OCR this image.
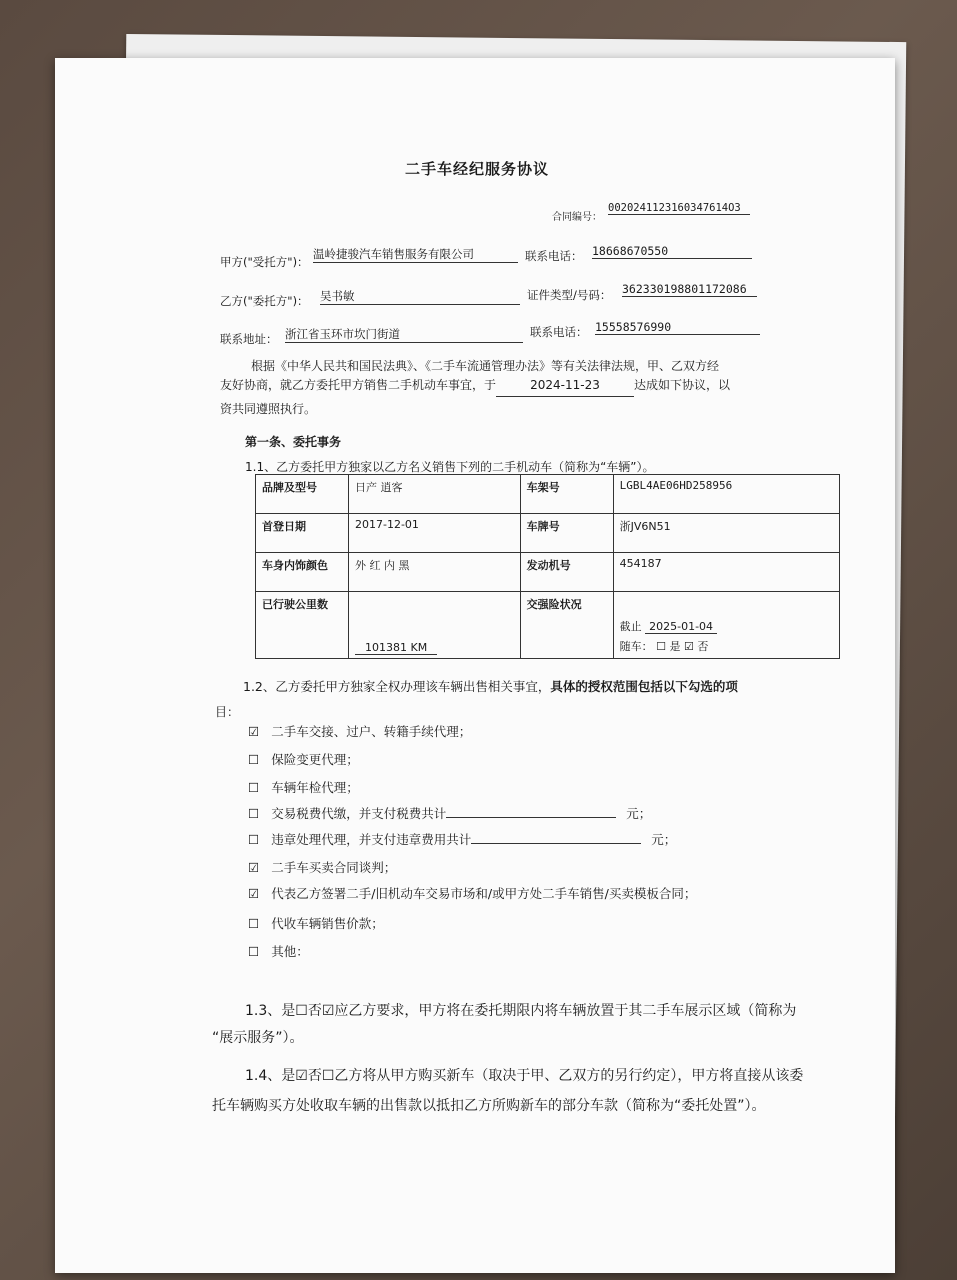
二手车经纪服务协议
合同编号：
0020241123160347614O3
甲方("受托方")：
温岭捷骏汽车销售服务有限公司	联系电话： 18668670550
乙方("委托方")： 吴书敏	证件类型/号码： 362330198801172086
联系地址： 浙江省玉环市坎门街道	联系电话： 15558576990
根据《中华人民共和国民法典》、《二手车流通管理办法》等有关法律法规，甲、乙双方经
友好协商，就乙方委托甲方销售二手机动车事宜，于	2024-11-23	达成如下协议，以
资共同遵照执行。
第一条、委托事务
1.1、乙方委托甲方独家以乙方名义销售下列的二手机动车（简称为“车辆”）。
品牌及型号	日产 逍客	车架号	LGBL4AE06HD258956
首登日期	2017-12-01	车牌号	浙JV6N51
车身内饰颜色	外 红 内 黑	发动机号	454187
已行驶公里数	101381 KM	交强险状况	截止 2025-01-04
随车： ☐ 是 ☑ 否
1.2、乙方委托甲方独家全权办理该车辆出售相关事宜，具体的授权范围包括以下勾选的项
目：
☑ 二手车交接、过户、转籍手续代理；
☐ 保险变更代理；
☐ 车辆年检代理；
☐ 交易税费代缴，并支付税费共计	元；
☐ 违章处理代理，并支付违章费用共计	元；
☑ 二手车买卖合同谈判；
☑ 代表乙方签署二手/旧机动车交易市场和/或甲方处二手车销售/买卖模板合同；
☐ 代收车辆销售价款；
☐ 其他：
1.3、是☐否☑应乙方要求，甲方将在委托期限内将车辆放置于其二手车展示区域（简称为
“展示服务”）。
1.4、是☑否☐乙方将从甲方购买新车（取决于甲、乙双方的另行约定），甲方将直接从该委
托车辆购买方处收取车辆的出售款以抵扣乙方所购新车的部分车款（简称为“委托处置”）。
